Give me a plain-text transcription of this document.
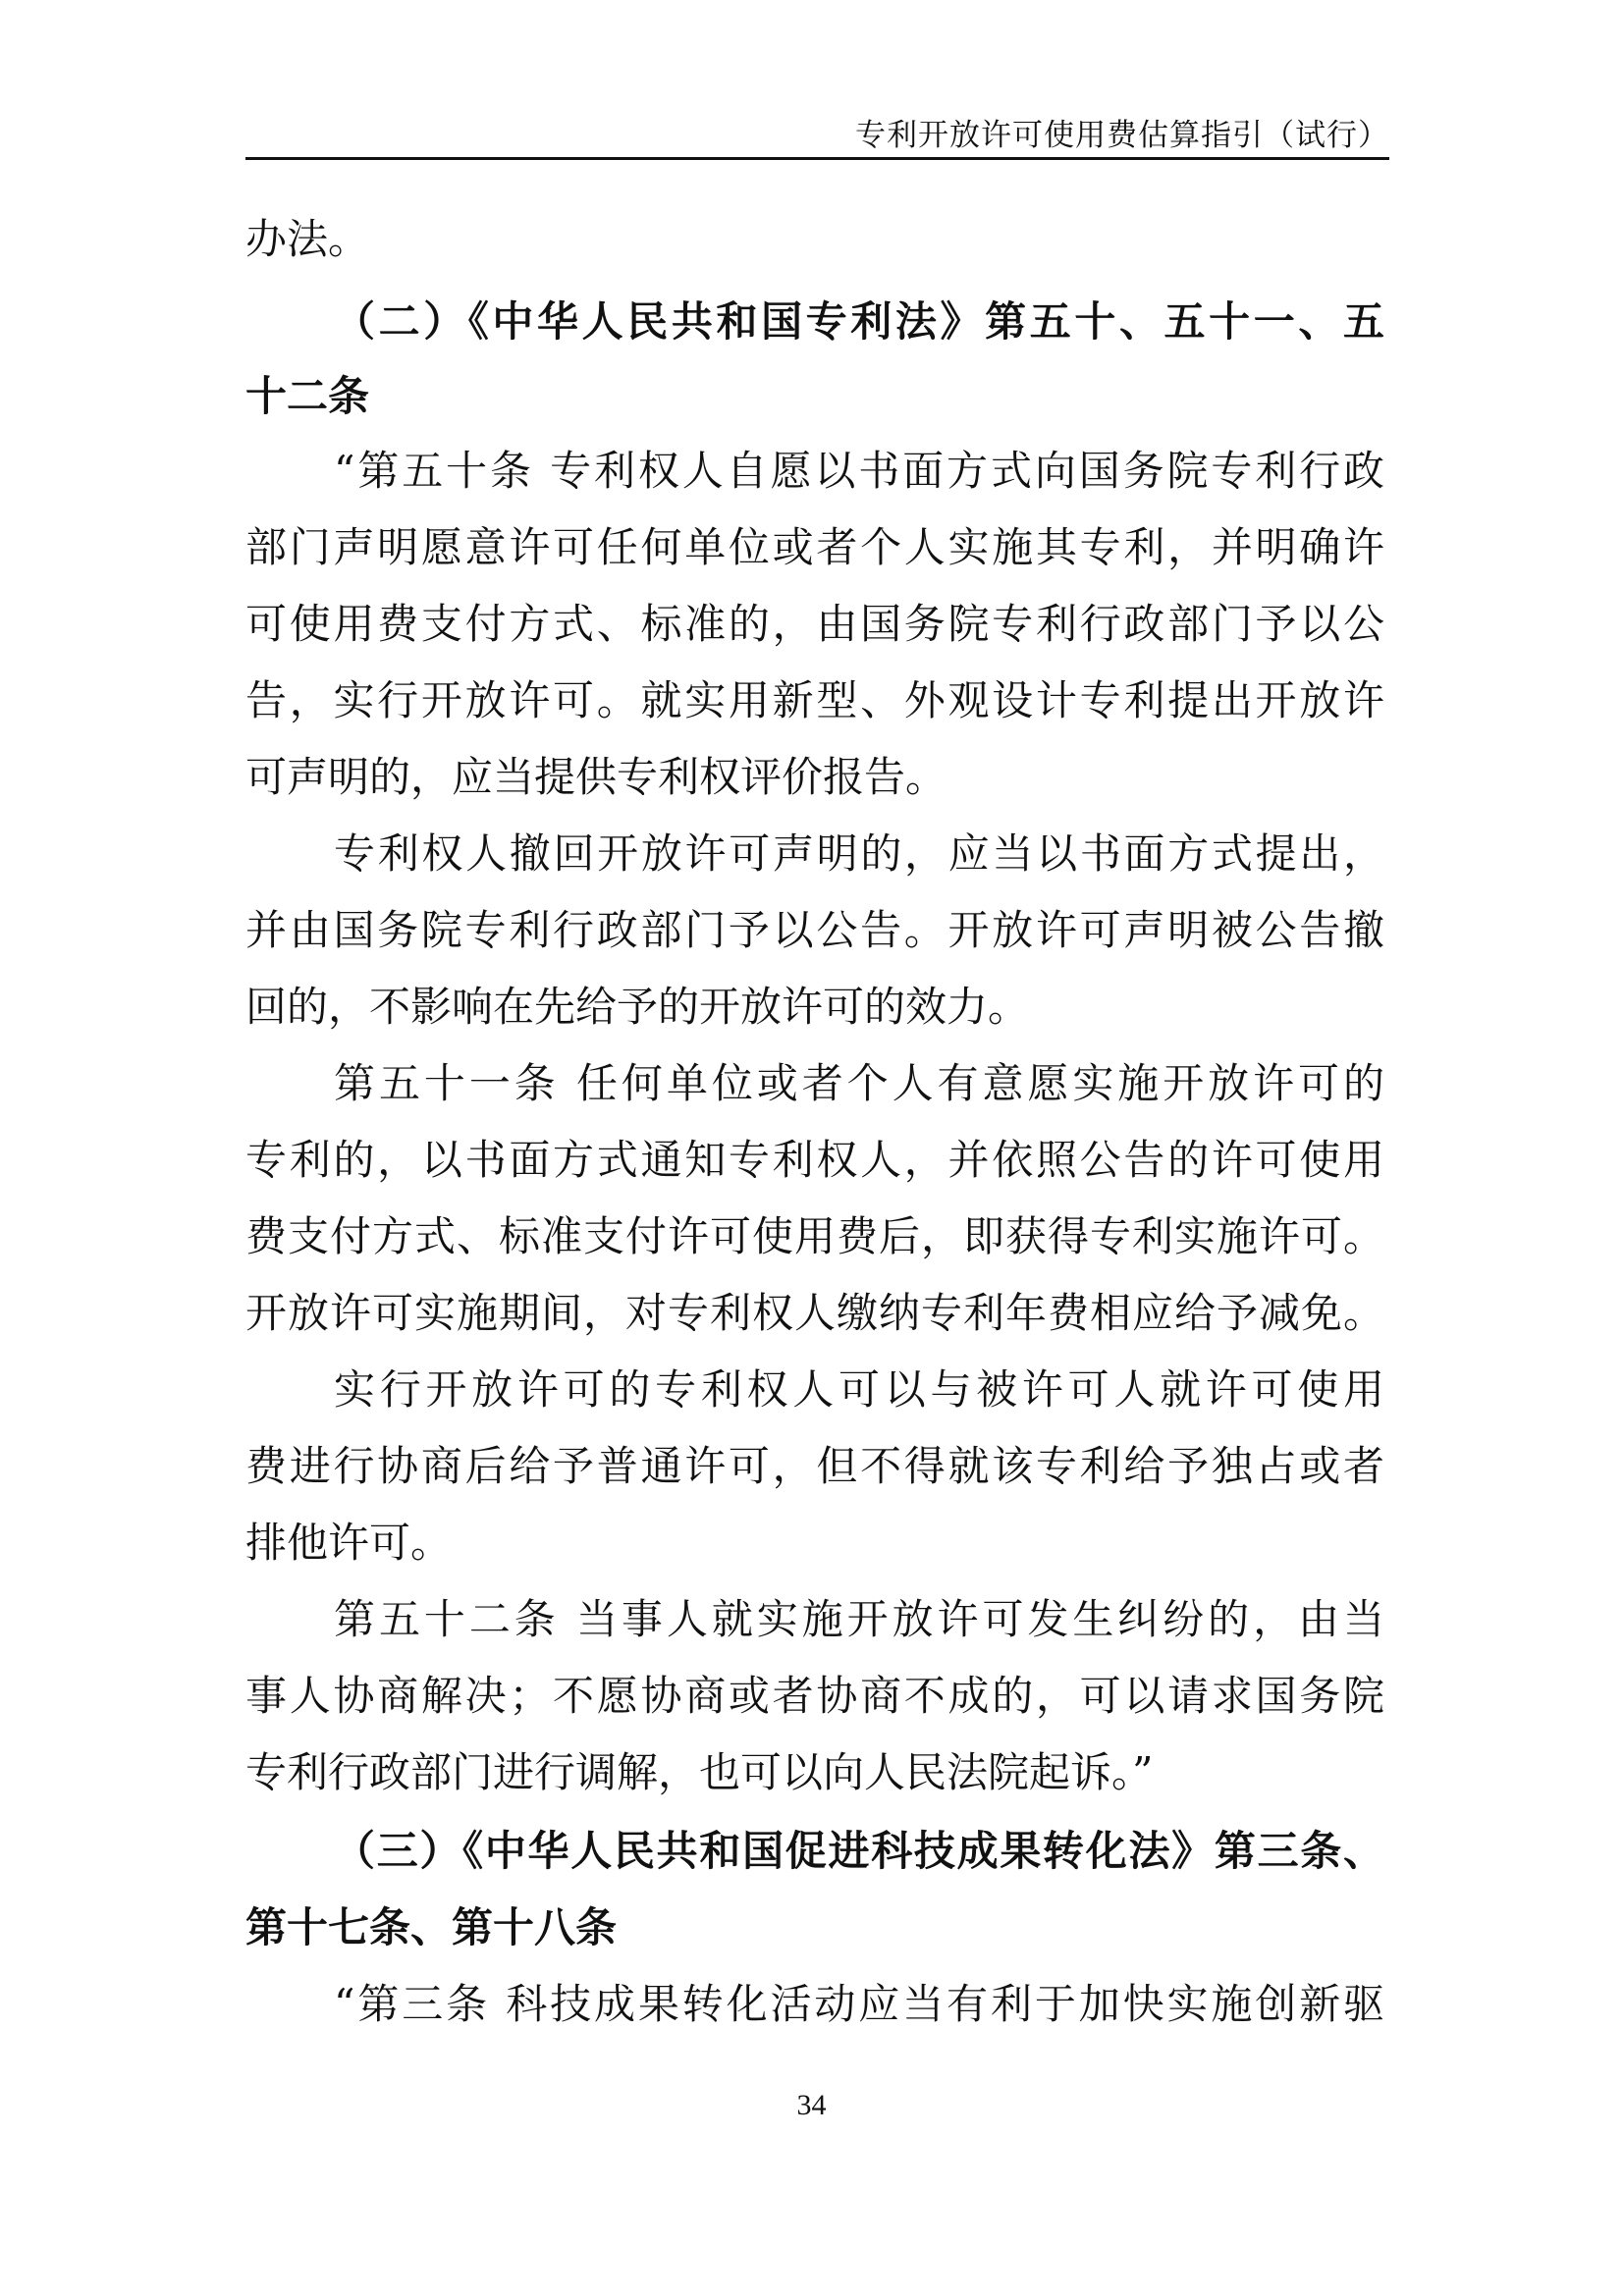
专利开放许可使用费估算指引（试行）
办法。
（二）《中华人民共和国专利法》第五十、五十一、五
十二条
“第五十条 专利权人自愿以书面方式向国务院专利行政
部门声明愿意许可任何单位或者个人实施其专利，并明确许
可使用费支付方式、标准的，由国务院专利行政部门予以公
告，实行开放许可。就实用新型、外观设计专利提出开放许
可声明的，应当提供专利权评价报告。
专利权人撤回开放许可声明的，应当以书面方式提出，
并由国务院专利行政部门予以公告。开放许可声明被公告撤
回的，不影响在先给予的开放许可的效力。
第五十一条 任何单位或者个人有意愿实施开放许可的
专利的，以书面方式通知专利权人，并依照公告的许可使用
费支付方式、标准支付许可使用费后，即获得专利实施许可。
开放许可实施期间，对专利权人缴纳专利年费相应给予减免。
实行开放许可的专利权人可以与被许可人就许可使用
费进行协商后给予普通许可，但不得就该专利给予独占或者
排他许可。
第五十二条 当事人就实施开放许可发生纠纷的，由当
事人协商解决；不愿协商或者协商不成的，可以请求国务院
专利行政部门进行调解，也可以向人民法院起诉。”
（三）《中华人民共和国促进科技成果转化法》第三条、
第十七条、第十八条
“第三条 科技成果转化活动应当有利于加快实施创新驱
34
